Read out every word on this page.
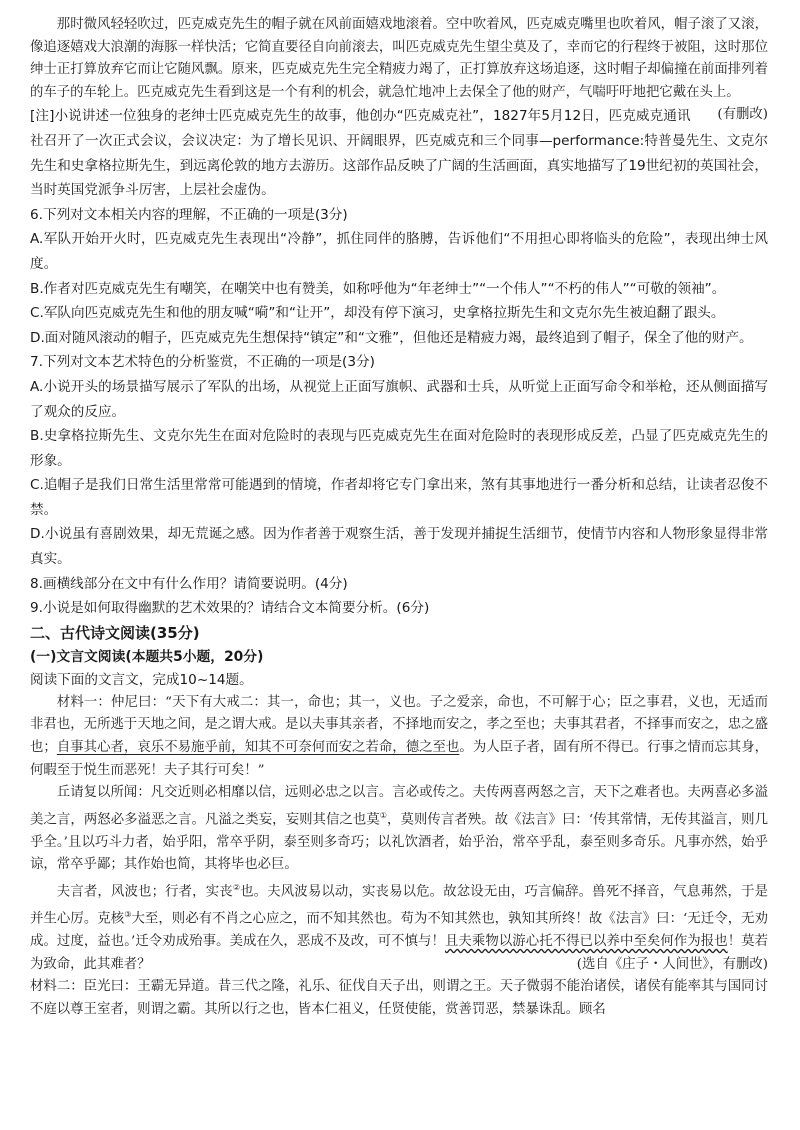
那时微风轻轻吹过，匹克威克先生的帽子就在风前面嬉戏地滚着。空中吹着风，匹克威克嘴里也吹着风，帽子滚了又滚，像追逐嬉戏大浪潮的海豚一样快活；它简直要径自向前滚去，叫匹克威克先生望尘莫及了，幸而它的行程终于被阻，这时那位绅士正打算放弃它而让它随风飘。原来，匹克威克先生完全精疲力竭了，正打算放弃这场追逐，这时帽子却偏撞在前面排列着的车子的车轮上。匹克威克先生看到这是一个有利的机会，就急忙地冲上去保全了他的财产，气喘吁吁地把它戴在头上。
(有删改)

[注]小说讲述一位独身的老绅士匹克威克先生的故事，他创办“匹克威克社”，1827年5月12日，匹克威克通讯社召开了一次正式会议，会议决定：为了增长见识、开阔眼界，匹克威克和三个同事—performance:特普曼先生、文克尔先生和史拿格拉斯先生，到远离伦敦的地方去游历。这部作品反映了广阔的生活画面，真实地描写了19世纪初的英国社会，当时英国党派争斗厉害，上层社会虚伪。

6.下列对文本相关内容的理解，不正确的一项是(3分)

A.军队开始开火时，匹克威克先生表现出“冷静”，抓住同伴的胳膊，告诉他们“不用担心即将临头的危险”，表现出绅士风度。

B.作者对匹克威克先生有嘲笑，在嘲笑中也有赞美，如称呼他为“年老绅士”“一个伟人”“不朽的伟人”“可敬的领袖”。

C.军队向匹克威克先生和他的朋友喊“嗬”和“让开”，却没有停下演习，史拿格拉斯先生和文克尔先生被迫翻了跟头。

D.面对随风滚动的帽子，匹克威克先生想保持“镇定”和“文雅”，但他还是精疲力竭，最终追到了帽子，保全了他的财产。

7.下列对文本艺术特色的分析鉴赏，不正确的一项是(3分)

A.小说开头的场景描写展示了军队的出场，从视觉上正面写旗帜、武器和士兵，从听觉上正面写命令和举枪，还从侧面描写了观众的反应。

B.史拿格拉斯先生、文克尔先生在面对危险时的表现与匹克威克先生在面对危险时的表现形成反差，凸显了匹克威克先生的形象。

C.追帽子是我们日常生活里常常可能遇到的情境，作者却将它专门拿出来，煞有其事地进行一番分析和总结，让读者忍俊不禁。

D.小说虽有喜剧效果，却无荒诞之感。因为作者善于观察生活，善于发现并捕捉生活细节，使情节内容和人物形象显得非常真实。

8.画横线部分在文中有什么作用？请简要说明。(4分)

9.小说是如何取得幽默的艺术效果的？请结合文本简要分析。(6分)

二、古代诗文阅读(35分)

(一)文言文阅读(本题共5小题，20分)

阅读下面的文言文，完成10~14题。

材料一：仲尼曰：“天下有大戒二：其一，命也；其一，义也。子之爱亲，命也，不可解于心；臣之事君，义也，无适而非君也，无所逃于天地之间，是之谓大戒。是以夫事其亲者，不择地而安之，孝之至也；夫事其君者，不择事而安之，忠之盛也；自事其心者，哀乐不易施乎前，知其不可奈何而安之若命，德之至也。为人臣子者，固有所不得已。行事之情而忘其身，何暇至于悦生而恶死！夫子其行可矣！”

丘请复以所闻：凡交近则必相靡以信，远则必忠之以言。言必或传之。夫传两喜两怒之言，天下之难者也。夫两喜必多溢美之言，两怒必多溢恶之言。凡溢之类妄，妄则其信之也莫①，莫则传言者殃。故《法言》曰：‘传其常情，无传其溢言，则几乎全。’且以巧斗力者，始乎阳，常卒乎阴，泰至则多奇巧；以礼饮酒者，始乎治，常卒乎乱，泰至则多奇乐。凡事亦然，始乎谅，常卒乎鄙；其作始也简，其将毕也必巨。

夫言者，风波也；行者，实丧②也。夫风波易以动，实丧易以危。故忿设无由，巧言偏辞。兽死不择音，气息茀然，于是并生心厉。克核③大至，则必有不肖之心应之，而不知其然也。苟为不知其然也，孰知其所终！故《法言》曰：‘无迁令，无劝成。过度，益也。’迁令劝成殆事。美成在久，恶成不及改，可不慎与！且夫乘物以游心托不得已以养中至矣何作为报也！莫若为致命，此其难者？	(选自《庄子・人间世》，有删改)

材料二：臣光曰：王霸无异道。昔三代之隆，礼乐、征伐自天子出，则谓之王。天子微弱不能治诸侯，诸侯有能率其与国同讨不庭以尊王室者，则谓之霸。其所以行之也，皆本仁祖义，任贤使能，赏善罚恶，禁暴诛乱。顾名
